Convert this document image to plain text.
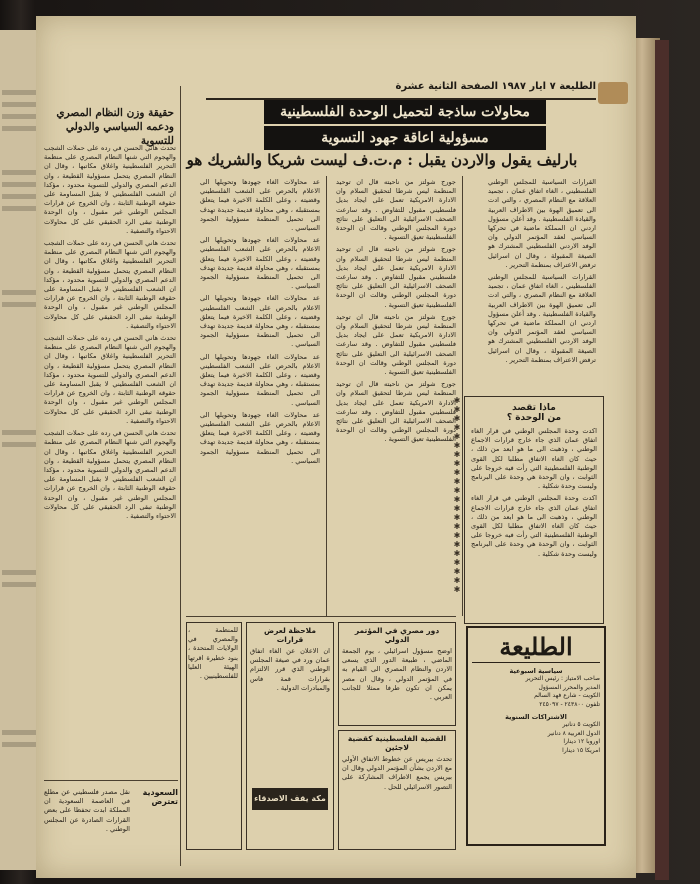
الطليعة ٧ ايار ١٩٨٧ الصفحة الثانية عشرة
محاولات ساذجة لتحميل الوحدة الفلسطينية
مسؤولية اعاقة جهود التسوية
بارليف يقول والاردن يقبل : م.ت.ف ليست شريكا والشريك هو
حقيقة وزن النظام المصري
ودعمه السياسي والدولي للتسوية

تحدث هاني الحسن في رده على حملات الشجب والهجوم التي شنها النظام المصري على منظمة التحرير الفلسطينية واغلاق مكاتبها ، وقال ان النظام المصري يتحمل مسؤولية القطيعة ، وان الدعم المصري والدولي للتسوية محدود ، مؤكدا ان الشعب الفلسطيني لا يقبل المساومة على حقوقه الوطنية الثابتة ، وان الخروج عن قرارات المجلس الوطني غير مقبول ، وان الوحدة الوطنية تبقى الرد الحقيقي على كل محاولات الاحتواء والتصفية .

تحدث هاني الحسن في رده على حملات الشجب والهجوم التي شنها النظام المصري على منظمة التحرير الفلسطينية واغلاق مكاتبها ، وقال ان النظام المصري يتحمل مسؤولية القطيعة ، وان الدعم المصري والدولي للتسوية محدود ، مؤكدا ان الشعب الفلسطيني لا يقبل المساومة على حقوقه الوطنية الثابتة ، وان الخروج عن قرارات المجلس الوطني غير مقبول ، وان الوحدة الوطنية تبقى الرد الحقيقي على كل محاولات الاحتواء والتصفية .

تحدث هاني الحسن في رده على حملات الشجب والهجوم التي شنها النظام المصري على منظمة التحرير الفلسطينية واغلاق مكاتبها ، وقال ان النظام المصري يتحمل مسؤولية القطيعة ، وان الدعم المصري والدولي للتسوية محدود ، مؤكدا ان الشعب الفلسطيني لا يقبل المساومة على حقوقه الوطنية الثابتة ، وان الخروج عن قرارات المجلس الوطني غير مقبول ، وان الوحدة الوطنية تبقى الرد الحقيقي على كل محاولات الاحتواء والتصفية .

تحدث هاني الحسن في رده على حملات الشجب والهجوم التي شنها النظام المصري على منظمة التحرير الفلسطينية واغلاق مكاتبها ، وقال ان النظام المصري يتحمل مسؤولية القطيعة ، وان الدعم المصري والدولي للتسوية محدود ، مؤكدا ان الشعب الفلسطيني لا يقبل المساومة على حقوقه الوطنية الثابتة ، وان الخروج عن قرارات المجلس الوطني غير مقبول ، وان الوحدة الوطنية تبقى الرد الحقيقي على كل محاولات الاحتواء والتصفية .

القرارات السياسية للمجلس الوطني الفلسطيني ، الغاء اتفاق عمان ، تجميد العلاقة مع النظام المصري ، والتي ادت الى تعميق الهوة بين الاطراف العربية والقيادة الفلسطينية . وقد أعلن مسؤول اردني ان المملكة ماضية في تحركها السياسي لعقد المؤتمر الدولي وان الوفد الاردني الفلسطيني المشترك هو الصيغة المقبولة ، وقال ان اسرائيل ترفض الاعتراف بمنظمة التحرير .

القرارات السياسية للمجلس الوطني الفلسطيني ، الغاء اتفاق عمان ، تجميد العلاقة مع النظام المصري ، والتي ادت الى تعميق الهوة بين الاطراف العربية والقيادة الفلسطينية . وقد أعلن مسؤول اردني ان المملكة ماضية في تحركها السياسي لعقد المؤتمر الدولي وان الوفد الاردني الفلسطيني المشترك هو الصيغة المقبولة ، وقال ان اسرائيل ترفض الاعتراف بمنظمة التحرير .

جورج شولتز من ناحيته قال ان توحيد المنظمة ليس شرطا لتحقيق السلام وان الادارة الامريكية تعمل على ايجاد بديل فلسطيني مقبول للتفاوض . وقد سارعت الصحف الاسرائيلية الى التعليق على نتائج دورة المجلس الوطني وقالت ان الوحدة الفلسطينية تعيق التسوية .

جورج شولتز من ناحيته قال ان توحيد المنظمة ليس شرطا لتحقيق السلام وان الادارة الامريكية تعمل على ايجاد بديل فلسطيني مقبول للتفاوض . وقد سارعت الصحف الاسرائيلية الى التعليق على نتائج دورة المجلس الوطني وقالت ان الوحدة الفلسطينية تعيق التسوية .

جورج شولتز من ناحيته قال ان توحيد المنظمة ليس شرطا لتحقيق السلام وان الادارة الامريكية تعمل على ايجاد بديل فلسطيني مقبول للتفاوض . وقد سارعت الصحف الاسرائيلية الى التعليق على نتائج دورة المجلس الوطني وقالت ان الوحدة الفلسطينية تعيق التسوية .

جورج شولتز من ناحيته قال ان توحيد المنظمة ليس شرطا لتحقيق السلام وان الادارة الامريكية تعمل على ايجاد بديل فلسطيني مقبول للتفاوض . وقد سارعت الصحف الاسرائيلية الى التعليق على نتائج دورة المجلس الوطني وقالت ان الوحدة الفلسطينية تعيق التسوية .

عد محاولات الغاء جهودها وتحويلها الى الاعلام بالحرص على الشعب الفلسطيني وقضيته ، وعلى الكلمة الاخيرة فيما يتعلق بمستقبله ، وهي محاولة قديمة جديدة تهدف الى تحميل المنظمة مسؤولية الجمود السياسي .

عد محاولات الغاء جهودها وتحويلها الى الاعلام بالحرص على الشعب الفلسطيني وقضيته ، وعلى الكلمة الاخيرة فيما يتعلق بمستقبله ، وهي محاولة قديمة جديدة تهدف الى تحميل المنظمة مسؤولية الجمود السياسي .

عد محاولات الغاء جهودها وتحويلها الى الاعلام بالحرص على الشعب الفلسطيني وقضيته ، وعلى الكلمة الاخيرة فيما يتعلق بمستقبله ، وهي محاولة قديمة جديدة تهدف الى تحميل المنظمة مسؤولية الجمود السياسي .

عد محاولات الغاء جهودها وتحويلها الى الاعلام بالحرص على الشعب الفلسطيني وقضيته ، وعلى الكلمة الاخيرة فيما يتعلق بمستقبله ، وهي محاولة قديمة جديدة تهدف الى تحميل المنظمة مسؤولية الجمود السياسي .

عد محاولات الغاء جهودها وتحويلها الى الاعلام بالحرص على الشعب الفلسطيني وقضيته ، وعلى الكلمة الاخيرة فيما يتعلق بمستقبله ، وهي محاولة قديمة جديدة تهدف الى تحميل المنظمة مسؤولية الجمود السياسي .

✱
✱
✱
✱
✱
✱
✱
✱
✱
✱
✱
✱
✱
✱
✱
✱
✱
✱
✱
✱
✱
✱
ماذا تقصد
من الوحدة ؟

اكدت وحدة المجلس الوطني في قرار الغاء اتفاق عمان الذي جاء خارج قرارات الاجماع الوطني ، وذهبت الى ما هو ابعد من ذلك ، حيث كان الغاء الاتفاق مطلبا لكل القوى الوطنية الفلسطينية التي رأت فيه خروجا على الثوابت ، وان الوحدة هي وحدة على البرنامج وليست وحدة شكلية .

اكدت وحدة المجلس الوطني في قرار الغاء اتفاق عمان الذي جاء خارج قرارات الاجماع الوطني ، وذهبت الى ما هو ابعد من ذلك ، حيث كان الغاء الاتفاق مطلبا لكل القوى الوطنية الفلسطينية التي رأت فيه خروجا على الثوابت ، وان الوحدة هي وحدة على البرنامج وليست وحدة شكلية .

الطليعة
سياسية اسبوعية
صاحب الامتياز : رئيس التحرير
المدير والمحرر المسؤول
الكويت - شارع فهد السالم
تلفون ٢٤٣٨٠٠ - ٢٤٥٠٩٧
الاشتراكات السنوية
الكويت ٥ دنانير
الدول العربية ٨ دنانير
اوروبا ١٢ دينارا
امريكا ١٥ دينارا
دور مصري في المؤتمر الدولي
اوضح مسؤول اسرائيلي ، يوم الجمعة الماضي ، طبيعة الدور الذي يسعى الاردن والنظام المصري الى القيام به في المؤتمر الدولي ، وقال ان مصر يمكن ان تكون طرفا ممثلا للجانب العربي .
القضية الفلسطينية كقضية لاجئين
تحدث بيريس عن خطوط الاتفاق الأولي مع الاردن بشأن المؤتمر الدولي وقال ان بيريس يجمع الاطراف المشاركة على التصور الاسرائيلي للحل .
ملاحظة لعرض قرارات
ان الاعلان عن الغاء اتفاق عمان ورد في صيغة المجلس الوطني الذي قرر الالتزام بقرارات قمة فاس والمبادرات الدولية .
مكة يقف الاصدقاء
للمنظمة ، والمصري في الولايات المتحدة ، بنود خطيرة اقرتها الهيئة العليا للفلسطينيين .
السعودية
تعترض
نقل مصدر فلسطيني عن مطلع في العاصمة السعودية ان المملكة ابدت تحفظا على بعض القرارات الصادرة عن المجلس الوطني .
